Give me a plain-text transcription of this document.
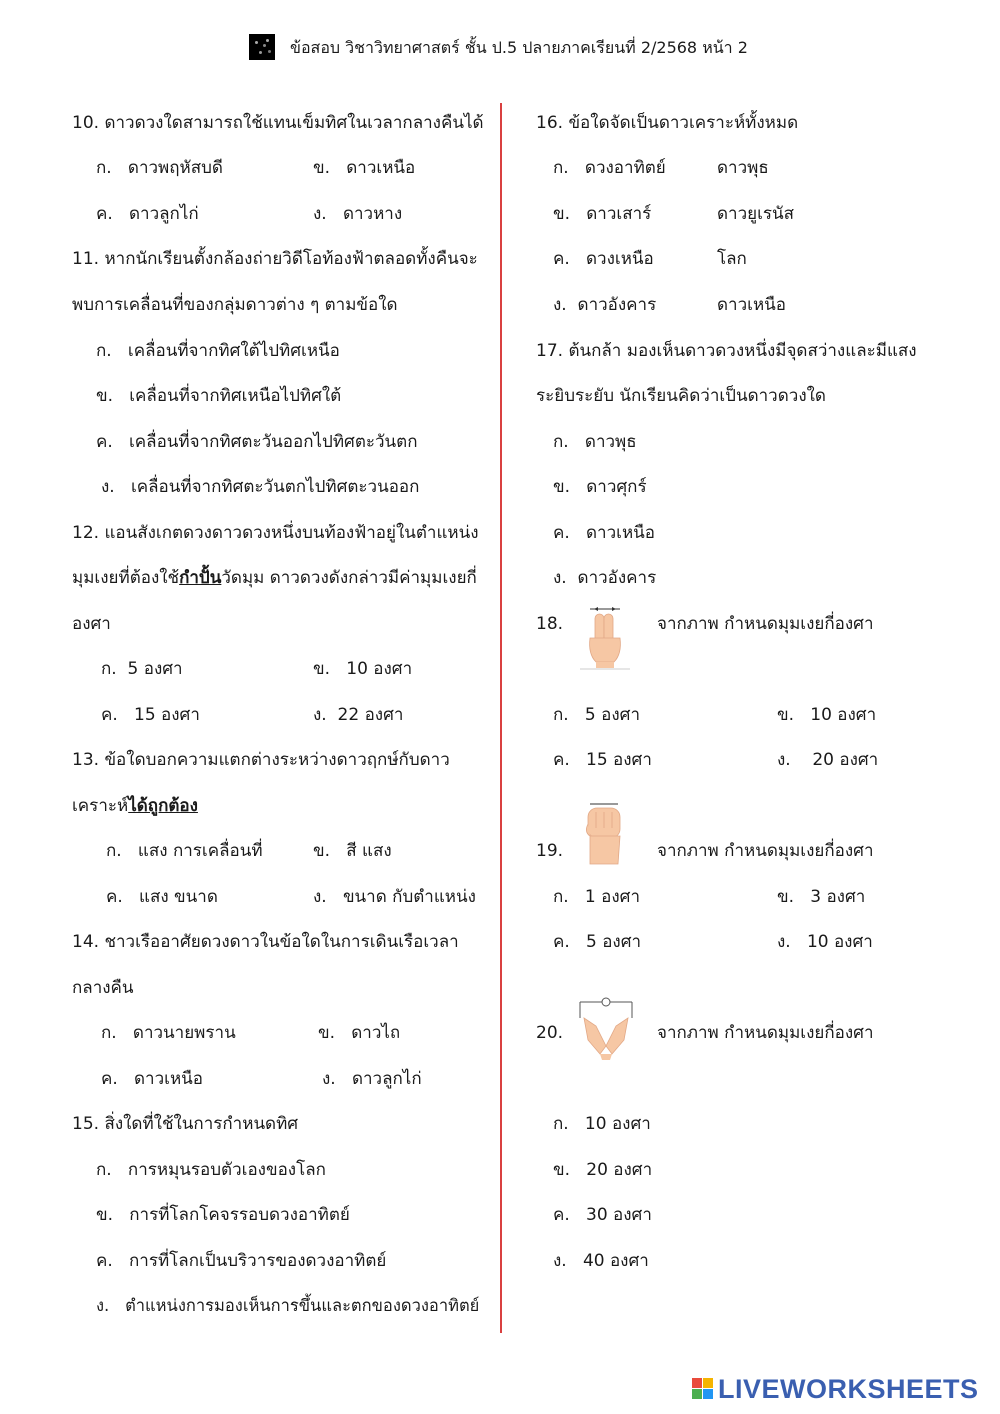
ข้อสอบ วิชาวิทยาศาสตร์ ชั้น ป.5 ปลายภาคเรียนที่ 2/2568 หน้า 2
10. ดาวดวงใดสามารถใช้แทนเข็มทิศในเวลากลางคืนได้
ก. ดาวพฤหัสบดี	ข. ดาวเหนือ
ค. ดาวลูกไก่	ง. ดาวหาง
11. หากนักเรียนตั้งกล้องถ่ายวิดีโอท้องฟ้าตลอดทั้งคืนจะ
พบการเคลื่อนที่ของกลุ่มดาวต่าง ๆ ตามข้อใด
ก. เคลื่อนที่จากทิศใต้ไปทิศเหนือ
ข. เคลื่อนที่จากทิศเหนือไปทิศใต้
ค. เคลื่อนที่จากทิศตะวันออกไปทิศตะวันตก
ง. เคลื่อนที่จากทิศตะวันตกไปทิศตะวนออก
12. แอนสังเกตดวงดาวดวงหนึ่งบนท้องฟ้าอยู่ในตำแหน่ง
มุมเงยที่ต้องใช้กำปั้นวัดมุม ดาวดวงดังกล่าวมีค่ามุมเงยกี่
องศา
ก. 5 องศา	ข. 10 องศา
ค. 15 องศา	ง. 22 องศา
13. ข้อใดบอกความแตกต่างระหว่างดาวฤกษ์กับดาว
เคราะห์ได้ถูกต้อง
ก. แสง การเคลื่อนที่	ข. สี แสง
ค. แสง ขนาด	ง. ขนาด กับตำแหน่ง
14. ชาวเรืออาศัยดวงดาวในข้อใดในการเดินเรือเวลา
กลางคืน
ก. ดาวนายพราน	ข. ดาวไถ
ค. ดาวเหนือ	ง. ดาวลูกไก่
15. สิ่งใดที่ใช้ในการกำหนดทิศ
ก. การหมุนรอบตัวเองของโลก
ข. การที่โลกโคจรรอบดวงอาทิตย์
ค. การที่โลกเป็นบริวารของดวงอาทิตย์
ง. ตำแหน่งการมองเห็นการขึ้นและตกของดวงอาทิตย์
16. ข้อใดจัดเป็นดาวเคราะห์ทั้งหมด
ก. ดวงอาทิตย์	ดาวพุธ
ข. ดาวเสาร์	ดาวยูเรนัส
ค. ดวงเหนือ	โลก
ง. ดาวอังคาร	ดาวเหนือ
17. ต้นกล้า มองเห็นดาวดวงหนึ่งมีจุดสว่างและมีแสง
ระยิบระยับ นักเรียนคิดว่าเป็นดาวดวงใด
ก. ดาวพุธ
ข. ดาวศุกร์
ค. ดาวเหนือ
ง. ดาวอังคาร
18.	จากภาพ กำหนดมุมเงยกี่องศา
ก. 5 องศา	ข. 10 องศา
ค. 15 องศา	ง.    20 องศา
19.	จากภาพ กำหนดมุมเงยกี่องศา
ก. 1 องศา	ข. 3 องศา
ค. 5 องศา	ง. 10 องศา
20.	จากภาพ กำหนดมุมเงยกี่องศา
ก. 10 องศา
ข. 20 องศา
ค. 30 องศา
ง. 40 องศา
LIVEWORKSHEETS
